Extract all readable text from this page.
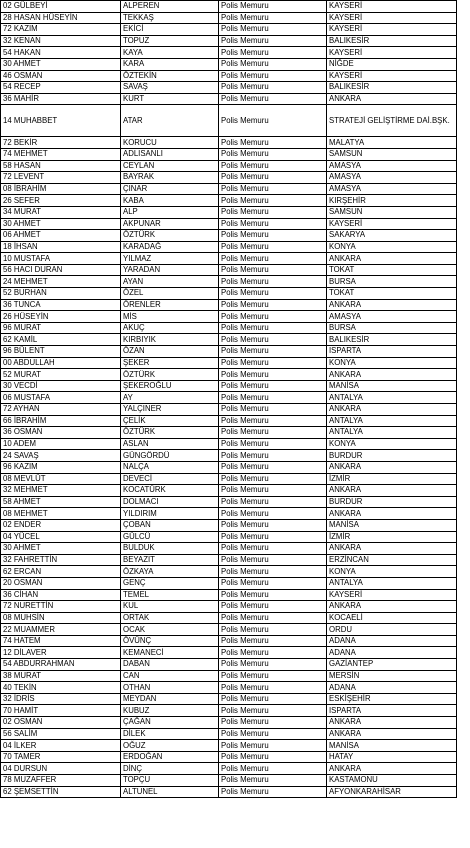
02 GÜLBEYİ	ALPEREN	Polis Memuru	KAYSERİ
28 HASAN HÜSEYİN	TEKKAŞ	Polis Memuru	KAYSERİ
72 KAZIM	EKİCİ	Polis Memuru	KAYSERİ
32 KENAN	TOPUZ	Polis Memuru	BALIKESİR
54 HAKAN	KAYA	Polis Memuru	KAYSERİ
30 AHMET	KARA	Polis Memuru	NİĞDE
46 OSMAN	ÖZTEKİN	Polis Memuru	KAYSERİ
54 RECEP	SAVAŞ	Polis Memuru	BALIKESİR
36 MAHİR	KURT	Polis Memuru	ANKARA
14 MUHABBET	ATAR	Polis Memuru	STRATEJİ GELİŞTİRME DAİ.BŞK.
72 BEKİR	KORUCU	Polis Memuru	MALATYA
74 MEHMET	ADLISANLI	Polis Memuru	SAMSUN
58 HASAN	CEYLAN	Polis Memuru	AMASYA
72 LEVENT	BAYRAK	Polis Memuru	AMASYA
08 İBRAHİM	ÇINAR	Polis Memuru	AMASYA
26 SEFER	KABA	Polis Memuru	KIRŞEHİR
34 MURAT	ALP	Polis Memuru	SAMSUN
30 AHMET	AKPUNAR	Polis Memuru	KAYSERİ
06 AHMET	ÖZTÜRK	Polis Memuru	SAKARYA
18 İHSAN	KARADAĞ	Polis Memuru	KONYA
10 MUSTAFA	YILMAZ	Polis Memuru	ANKARA
56 HACI DURAN	YARADAN	Polis Memuru	TOKAT
24 MEHMET	AYAN	Polis Memuru	BURSA
52 BURHAN	ÖZEL	Polis Memuru	TOKAT
36 TUNCA	ÖRENLER	Polis Memuru	ANKARA
26 HÜSEYİN	MİS	Polis Memuru	AMASYA
96 MURAT	AKUÇ	Polis Memuru	BURSA
62 KAMİL	KIRBIYIK	Polis Memuru	BALIKESİR
96 BÜLENT	ÖZAN	Polis Memuru	ISPARTA
00 ABDULLAH	ŞEKER	Polis Memuru	KONYA
52 MURAT	ÖZTÜRK	Polis Memuru	ANKARA
30 VECDİ	ŞEKEROĞLU	Polis Memuru	MANİSA
06 MUSTAFA	AY	Polis Memuru	ANTALYA
72 AYHAN	YALÇINER	Polis Memuru	ANKARA
66 İBRAHİM	ÇELİK	Polis Memuru	ANTALYA
36 OSMAN	ÖZTÜRK	Polis Memuru	ANTALYA
10 ADEM	ASLAN	Polis Memuru	KONYA
24 SAVAŞ	GÜNGÖRDÜ	Polis Memuru	BURDUR
96 KAZIM	NALÇA	Polis Memuru	ANKARA
08 MEVLÜT	DEVECİ	Polis Memuru	İZMİR
32 MEHMET	KOCATÜRK	Polis Memuru	ANKARA
58 AHMET	DOLMACI	Polis Memuru	BURDUR
08 MEHMET	YILDIRIM	Polis Memuru	ANKARA
02 ENDER	ÇOBAN	Polis Memuru	MANİSA
04 YÜCEL	GÜLCÜ	Polis Memuru	İZMİR
30 AHMET	BULDUK	Polis Memuru	ANKARA
32 FAHRETTİN	BEYAZIT	Polis Memuru	ERZİNCAN
62 ERCAN	ÖZKAYA	Polis Memuru	KONYA
20 OSMAN	GENÇ	Polis Memuru	ANTALYA
36 CİHAN	TEMEL	Polis Memuru	KAYSERİ
72 NURETTİN	KUL	Polis Memuru	ANKARA
08 MUHSİN	ORTAK	Polis Memuru	KOCAELİ
22 MUAMMER	OCAK	Polis Memuru	ORDU
74 HATEM	ÖVÜNÇ	Polis Memuru	ADANA
12 DİLAVER	KEMANECİ	Polis Memuru	ADANA
54 ABDURRAHMAN	DABAN	Polis Memuru	GAZİANTEP
38 MURAT	CAN	Polis Memuru	MERSİN
40 TEKİN	OTHAN	Polis Memuru	ADANA
32 İDRİS	MEYDAN	Polis Memuru	ESKİŞEHİR
70 HAMİT	KUBUZ	Polis Memuru	ISPARTA
02 OSMAN	ÇAĞAN	Polis Memuru	ANKARA
56 SALİM	DİLEK	Polis Memuru	ANKARA
04 İLKER	OĞUZ	Polis Memuru	MANİSA
70 TAMER	ERDOĞAN	Polis Memuru	HATAY
04 DURSUN	DİNÇ	Polis Memuru	ANKARA
78 MUZAFFER	TOPÇU	Polis Memuru	KASTAMONU
62 ŞEMSETTİN	ALTUNEL	Polis Memuru	AFYONKARAHİSAR
